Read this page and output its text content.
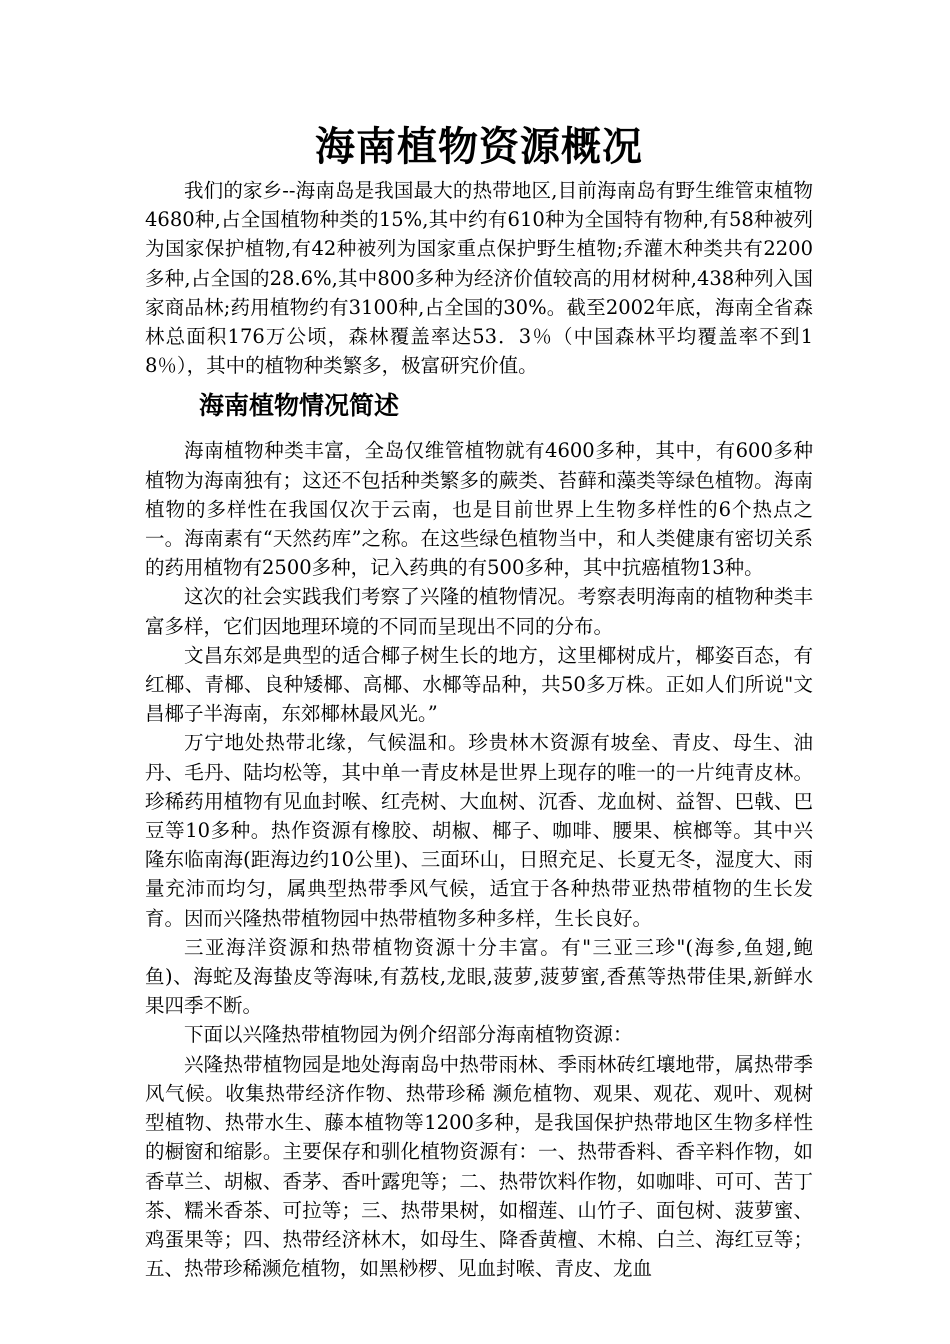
海南植物资源概况

我们的家乡--海南岛是我国最大的热带地区,目前海南岛有野生维管束植物4680种,占全国植物种类的15%,其中约有610种为全国特有物种,有58种被列为国家保护植物,有42种被列为国家重点保护野生植物;乔灌木种类共有2200多种,占全国的28.6%,其中800多种为经济价值较高的用材树种,438种列入国家商品林;药用植物约有3100种,占全国的30%。截至2002年底，海南全省森林总面积176万公顷，森林覆盖率达53．3％（中国森林平均覆盖率不到18％），其中的植物种类繁多，极富研究价值。

海南植物情况简述

海南植物种类丰富，全岛仅维管植物就有4600多种，其中，有600多种植物为海南独有；这还不包括种类繁多的蕨类、苔藓和藻类等绿色植物。海南植物的多样性在我国仅次于云南，也是目前世界上生物多样性的6个热点之一。海南素有“天然药库”之称。在这些绿色植物当中，和人类健康有密切关系的药用植物有2500多种，记入药典的有500多种，其中抗癌植物13种。

这次的社会实践我们考察了兴隆的植物情况。考察表明海南的植物种类丰富多样，它们因地理环境的不同而呈现出不同的分布。

文昌东郊是典型的适合椰子树生长的地方，这里椰树成片，椰姿百态，有红椰、青椰、良种矮椰、高椰、水椰等品种，共50多万株。正如人们所说"文昌椰子半海南，东郊椰林最风光。”

万宁地处热带北缘，气候温和。珍贵林木资源有坡垒、青皮、母生、油丹、毛丹、陆均松等，其中单一青皮林是世界上现存的唯一的一片纯青皮林。珍稀药用植物有见血封喉、红壳树、大血树、沉香、龙血树、益智、巴戟、巴豆等10多种。热作资源有橡胶、胡椒、椰子、咖啡、腰果、槟榔等。其中兴隆东临南海(距海边约10公里)、三面环山，日照充足、长夏无冬，湿度大、雨量充沛而均匀，属典型热带季风气候，适宜于各种热带亚热带植物的生长发育。因而兴隆热带植物园中热带植物多种多样，生长良好。

三亚海洋资源和热带植物资源十分丰富。有"三亚三珍"(海参,鱼翅,鲍鱼)、海蛇及海蛰皮等海味,有荔枝,龙眼,菠萝,菠萝蜜,香蕉等热带佳果,新鲜水果四季不断。

下面以兴隆热带植物园为例介绍部分海南植物资源：

兴隆热带植物园是地处海南岛中热带雨林、季雨林砖红壤地带，属热带季风气候。收集热带经济作物、热带珍稀 濒危植物、观果、观花、观叶、观树型植物、热带水生、藤本植物等1200多种，是我国保护热带地区生物多样性的橱窗和缩影。主要保存和驯化植物资源有：一、热带香料、香辛料作物，如香草兰、胡椒、香茅、香叶露兜等；二、热带饮料作物，如咖啡、可可、苦丁茶、糯米香茶、可拉等；三、热带果树，如榴莲、山竹子、面包树、菠萝蜜、鸡蛋果等；四、热带经济林木，如母生、降香黄檀、木棉、白兰、海红豆等；五、热带珍稀濒危植物，如黑桫椤、见血封喉、青皮、龙血
